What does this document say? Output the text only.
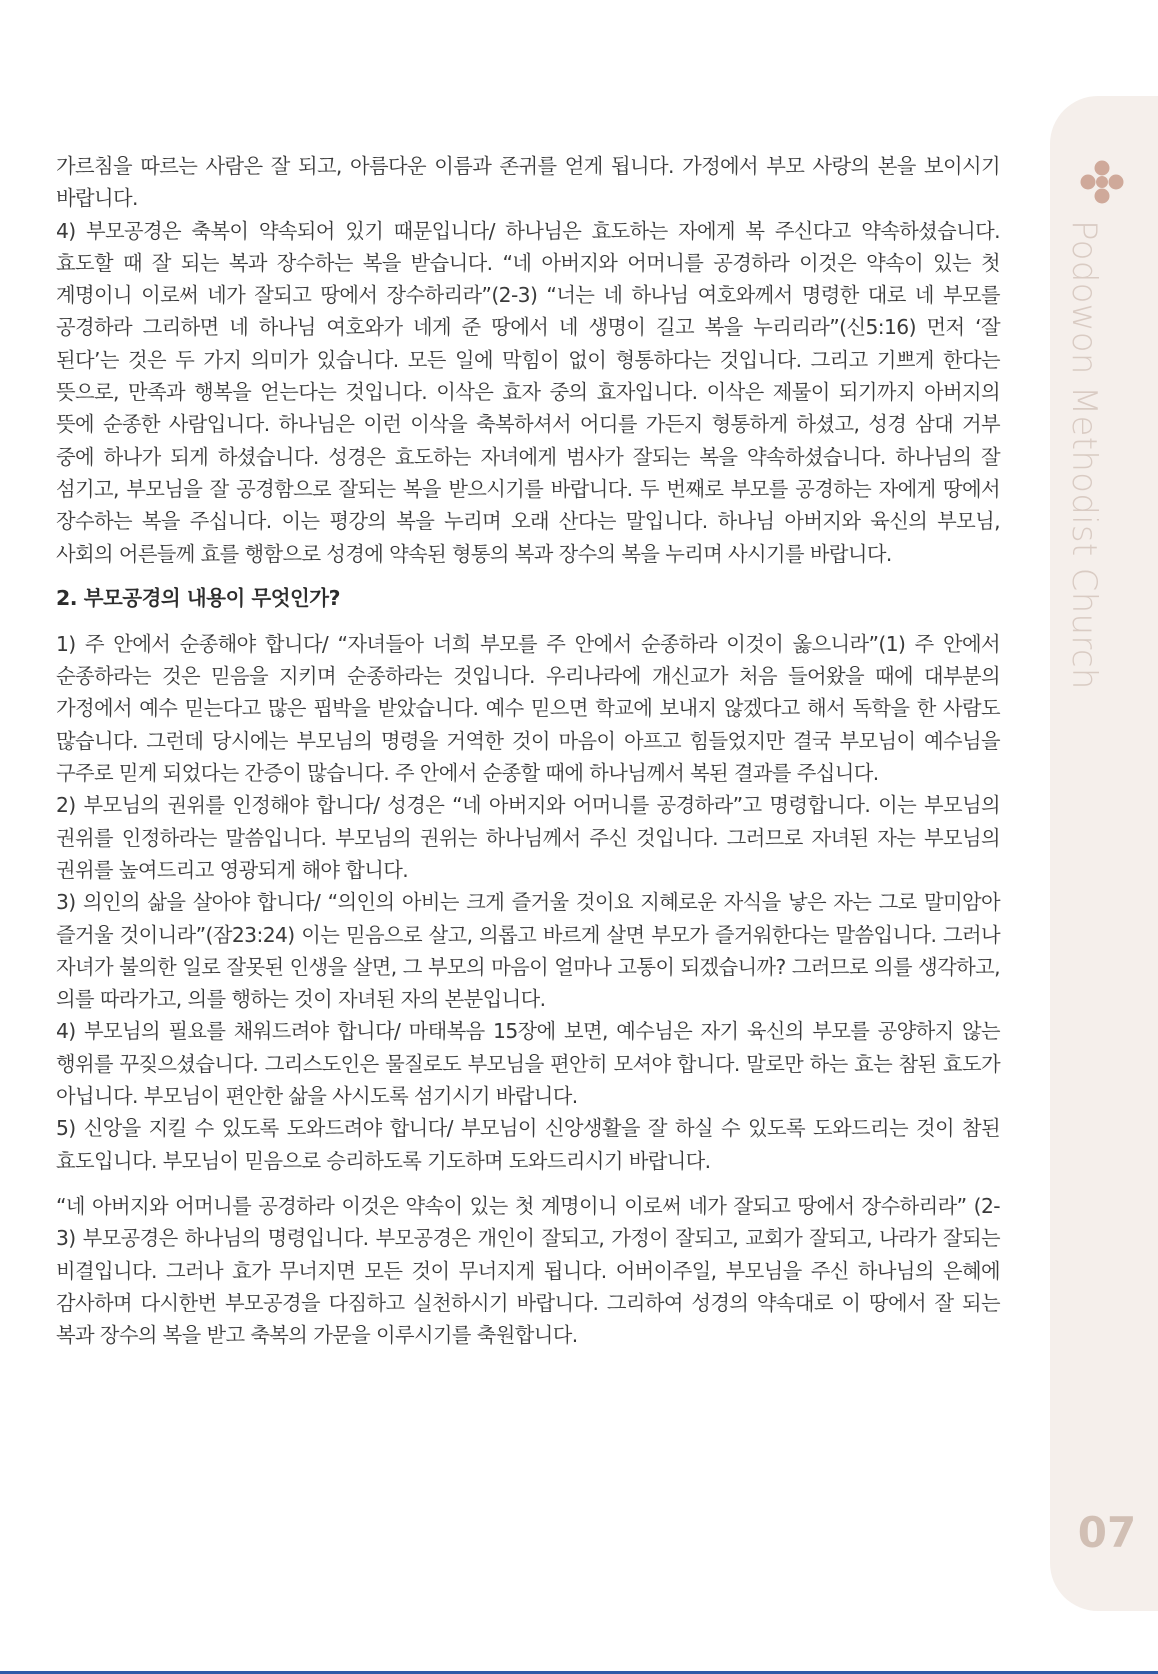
Podowon Methodist Church
07

가르침을 따르는 사람은 잘 되고, 아름다운 이름과 존귀를 얻게 됩니다. 가정에서 부모 사랑의 본을 보이시기 바랍니다.

4) 부모공경은 축복이 약속되어 있기 때문입니다/ 하나님은 효도하는 자에게 복 주신다고 약속하셨습니다. 효도할 때 잘 되는 복과 장수하는 복을 받습니다. “네 아버지와 어머니를 공경하라 이것은 약속이 있는 첫 계명이니 이로써 네가 잘되고 땅에서 장수하리라”(2-3) “너는 네 하나님 여호와께서 명령한 대로 네 부모를 공경하라 그리하면 네 하나님 여호와가 네게 준 땅에서 네 생명이 길고 복을 누리리라”(신5:16) 먼저 ‘잘 된다’는 것은 두 가지 의미가 있습니다. 모든 일에 막힘이 없이 형통하다는 것입니다. 그리고 기쁘게 한다는 뜻으로, 만족과 행복을 얻는다는 것입니다. 이삭은 효자 중의 효자입니다. 이삭은 제물이 되기까지 아버지의 뜻에 순종한 사람입니다. 하나님은 이런 이삭을 축복하셔서 어디를 가든지 형통하게 하셨고, 성경 삼대 거부 중에 하나가 되게 하셨습니다. 성경은 효도하는 자녀에게 범사가 잘되는 복을 약속하셨습니다. 하나님의 잘 섬기고, 부모님을 잘 공경함으로 잘되는 복을 받으시기를 바랍니다. 두 번째로 부모를 공경하는 자에게 땅에서 장수하는 복을 주십니다. 이는 평강의 복을 누리며 오래 산다는 말입니다. 하나님 아버지와 육신의 부모님, 사회의 어른들께 효를 행함으로 성경에 약속된 형통의 복과 장수의 복을 누리며 사시기를 바랍니다.

2. 부모공경의 내용이 무엇인가?

1) 주 안에서 순종해야 합니다/ “자녀들아 너희 부모를 주 안에서 순종하라 이것이 옳으니라”(1) 주 안에서 순종하라는 것은 믿음을 지키며 순종하라는 것입니다. 우리나라에 개신교가 처음 들어왔을 때에 대부분의 가정에서 예수 믿는다고 많은 핍박을 받았습니다. 예수 믿으면 학교에 보내지 않겠다고 해서 독학을 한 사람도 많습니다. 그런데 당시에는 부모님의 명령을 거역한 것이 마음이 아프고 힘들었지만 결국 부모님이 예수님을 구주로 믿게 되었다는 간증이 많습니다. 주 안에서 순종할 때에 하나님께서 복된 결과를 주십니다.

2) 부모님의 권위를 인정해야 합니다/ 성경은 “네 아버지와 어머니를 공경하라”고 명령합니다. 이는 부모님의 권위를 인정하라는 말씀입니다. 부모님의 권위는 하나님께서 주신 것입니다. 그러므로 자녀된 자는 부모님의 권위를 높여드리고 영광되게 해야 합니다.

3) 의인의 삶을 살아야 합니다/ “의인의 아비는 크게 즐거울 것이요 지혜로운 자식을 낳은 자는 그로 말미암아 즐거울 것이니라”(잠23:24) 이는 믿음으로 살고, 의롭고 바르게 살면 부모가 즐거워한다는 말씀입니다. 그러나 자녀가 불의한 일로 잘못된 인생을 살면, 그 부모의 마음이 얼마나 고통이 되겠습니까? 그러므로 의를 생각하고, 의를 따라가고, 의를 행하는 것이 자녀된 자의 본분입니다.

4) 부모님의 필요를 채워드려야 합니다/ 마태복음 15장에 보면, 예수님은 자기 육신의 부모를 공양하지 않는 행위를 꾸짖으셨습니다. 그리스도인은 물질로도 부모님을 편안히 모셔야 합니다. 말로만 하는 효는 참된 효도가 아닙니다. 부모님이 편안한 삶을 사시도록 섬기시기 바랍니다.

5) 신앙을 지킬 수 있도록 도와드려야 합니다/ 부모님이 신앙생활을 잘 하실 수 있도록 도와드리는 것이 참된 효도입니다. 부모님이 믿음으로 승리하도록 기도하며 도와드리시기 바랍니다.

“네 아버지와 어머니를 공경하라 이것은 약속이 있는 첫 계명이니 이로써 네가 잘되고 땅에서 장수하리라” (2-3) 부모공경은 하나님의 명령입니다. 부모공경은 개인이 잘되고, 가정이 잘되고, 교회가 잘되고, 나라가 잘되는 비결입니다. 그러나 효가 무너지면 모든 것이 무너지게 됩니다. 어버이주일, 부모님을 주신 하나님의 은혜에 감사하며 다시한번 부모공경을 다짐하고 실천하시기 바랍니다. 그리하여 성경의 약속대로 이 땅에서 잘 되는 복과 장수의 복을 받고 축복의 가문을 이루시기를 축원합니다.
